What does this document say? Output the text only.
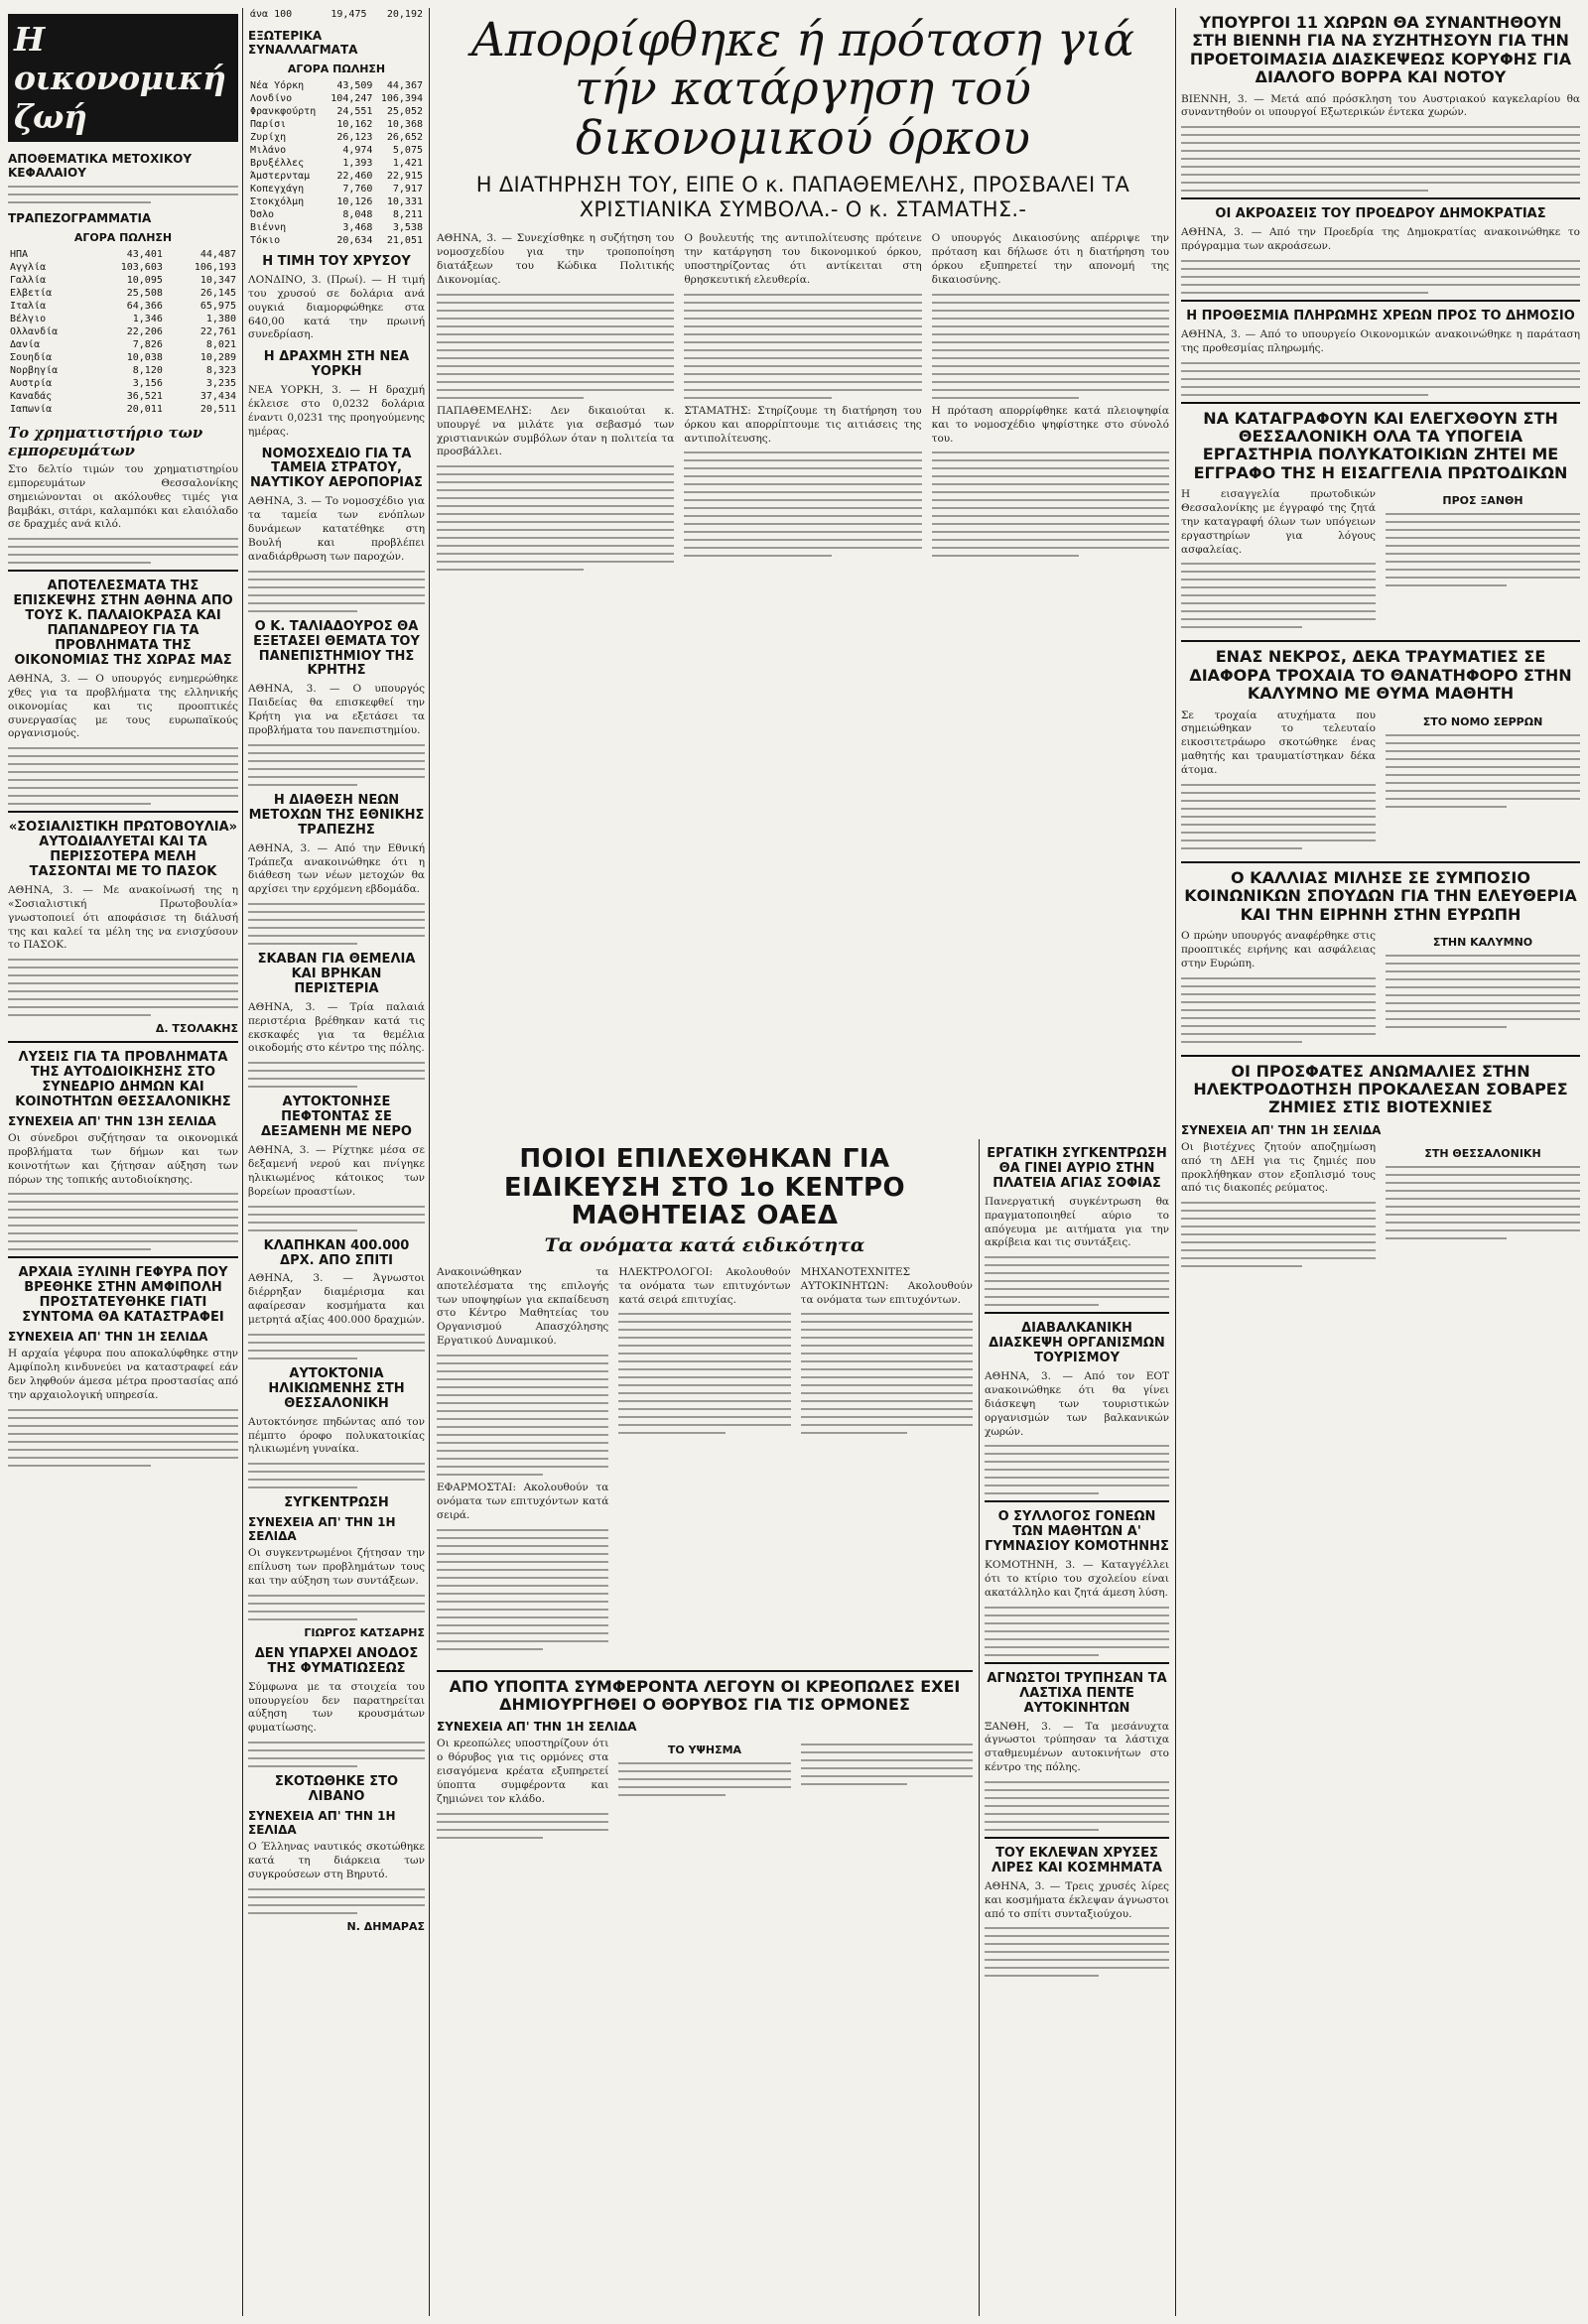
Η οικονομική ζωή
ΑΠΟΘΕΜΑΤΙΚΑ ΜΕΤΟΧΙΚΟΥ ΚΕΦΑΛΑΙΟΥ
ΤΡΑΠΕΖΟΓΡΑΜΜΑΤΙΑ
ΑΓΟΡΑ ΠΩΛΗΣΗ
ΗΠΑ	43,401	44,487
Αγγλία	103,603	106,193
Γαλλία	10,095	10,347
Ελβετία	25,508	26,145
Ιταλία	64,366	65,975
Βέλγιο	1,346	1,380
Ολλανδία	22,206	22,761
Δανία	7,826	8,021
Σουηδία	10,038	10,289
Νορβηγία	8,120	8,323
Αυστρία	3,156	3,235
Καναδάς	36,521	37,434
Ιαπωνία	20,011	20,511
Το χρηματιστήριο των εμπορευμάτων

Στο δελτίο τιμών του χρηματιστηρίου εμπορευμάτων Θεσσαλονίκης σημειώνονται οι ακόλουθες τιμές για βαμβάκι, σιτάρι, καλαμπόκι και ελαιόλαδο σε δραχμές ανά κιλό.

ΑΠΟΤΕΛΕΣΜΑΤΑ ΤΗΣ ΕΠΙΣΚΕΨΗΣ ΣΤΗΝ ΑΘΗΝΑ ΑΠΟ ΤΟΥΣ Κ. ΠΑΛΑΙΟΚΡΑΣΑ ΚΑΙ ΠΑΠΑΝΔΡΕΟΥ ΓΙΑ ΤΑ ΠΡΟΒΛΗΜΑΤΑ ΤΗΣ ΟΙΚΟΝΟΜΙΑΣ ΤΗΣ ΧΩΡΑΣ ΜΑΣ

ΑΘΗΝΑ, 3. — Ο υπουργός ενημερώθηκε χθες για τα προβλήματα της ελληνικής οικονομίας και τις προοπτικές συνεργασίας με τους ευρωπαϊκούς οργανισμούς.

«ΣΟΣΙΑΛΙΣΤΙΚΗ ΠΡΩΤΟΒΟΥΛΙΑ» ΑΥΤΟΔΙΑΛΥΕΤΑΙ ΚΑΙ ΤΑ ΠΕΡΙΣΣΟΤΕΡΑ ΜΕΛΗ ΤΑΣΣΟΝΤΑΙ ΜΕ ΤΟ ΠΑΣΟΚ

ΑΘΗΝΑ, 3. — Με ανακοίνωσή της η «Σοσιαλιστική Πρωτοβουλία» γνωστοποιεί ότι αποφάσισε τη διάλυσή της και καλεί τα μέλη της να ενισχύσουν το ΠΑΣΟΚ.

Δ. ΤΣΟΛΑΚΗΣ
ΛΥΣΕΙΣ ΓΙΑ ΤΑ ΠΡΟΒΛΗΜΑΤΑ ΤΗΣ ΑΥΤΟΔΙΟΙΚΗΣΗΣ ΣΤΟ ΣΥΝΕΔΡΙΟ ΔΗΜΩΝ ΚΑΙ ΚΟΙΝΟΤΗΤΩΝ ΘΕΣΣΑΛΟΝΙΚΗΣ
ΣΥΝΕΧΕΙΑ ΑΠ' ΤΗΝ 13Η ΣΕΛΙΔΑ

Οι σύνεδροι συζήτησαν τα οικονομικά προβλήματα των δήμων και των κοινοτήτων και ζήτησαν αύξηση των πόρων της τοπικής αυτοδιοίκησης.

ΑΡΧΑΙΑ ΞΥΛΙΝΗ ΓΕΦΥΡΑ ΠΟΥ ΒΡΕΘΗΚΕ ΣΤΗΝ ΑΜΦΙΠΟΛΗ ΠΡΟΣΤΑΤΕΥΘΗΚΕ ΓΙΑΤΙ ΣΥΝΤΟΜΑ ΘΑ ΚΑΤΑΣΤΡΑΦΕΙ
ΣΥΝΕΧΕΙΑ ΑΠ' ΤΗΝ 1Η ΣΕΛΙΔΑ

Η αρχαία γέφυρα που αποκαλύφθηκε στην Αμφίπολη κινδυνεύει να καταστραφεί εάν δεν ληφθούν άμεσα μέτρα προστασίας από την αρχαιολογική υπηρεσία.

άνα 100	19,475	20,192
ΕΞΩΤΕΡΙΚΑ ΣΥΝΑΛΛΑΓΜΑΤΑ
ΑΓΟΡΑ ΠΩΛΗΣΗ
Νέα Υόρκη	43,509	44,367
Λονδίνο	104,247	106,394
Φρανκφούρτη	24,551	25,052
Παρίσι	10,162	10,368
Ζυρίχη	26,123	26,652
Μιλάνο	4,974	5,075
Βρυξέλλες	1,393	1,421
Άμστερνταμ	22,460	22,915
Κοπεγχάγη	7,760	7,917
Στοκχόλμη	10,126	10,331
Όσλο	8,048	8,211
Βιέννη	3,468	3,538
Τόκιο	20,634	21,051
Η ΤΙΜΗ ΤΟΥ ΧΡΥΣΟΥ

ΛΟΝΔΙΝΟ, 3. (Πρωί). — Η τιμή του χρυσού σε δολάρια ανά ουγκιά διαμορφώθηκε στα 640,00 κατά την πρωινή συνεδρίαση.

Η ΔΡΑΧΜΗ ΣΤΗ ΝΕΑ ΥΟΡΚΗ

ΝΕΑ ΥΟΡΚΗ, 3. — Η δραχμή έκλεισε στο 0,0232 δολάρια έναντι 0,0231 της προηγούμενης ημέρας.

ΝΟΜΟΣΧΕΔΙΟ ΓΙΑ ΤΑ ΤΑΜΕΙΑ ΣΤΡΑΤΟΥ, ΝΑΥΤΙΚΟΥ ΑΕΡΟΠΟΡΙΑΣ

ΑΘΗΝΑ, 3. — Το νομοσχέδιο για τα ταμεία των ενόπλων δυνάμεων κατατέθηκε στη Βουλή και προβλέπει αναδιάρθρωση των παροχών.

Ο Κ. ΤΑΛΙΑΔΟΥΡΟΣ ΘΑ ΕΞΕΤΑΣΕΙ ΘΕΜΑΤΑ ΤΟΥ ΠΑΝΕΠΙΣΤΗΜΙΟΥ ΤΗΣ ΚΡΗΤΗΣ

ΑΘΗΝΑ, 3. — Ο υπουργός Παιδείας θα επισκεφθεί την Κρήτη για να εξετάσει τα προβλήματα του πανεπιστημίου.

Η ΔΙΑΘΕΣΗ ΝΕΩΝ ΜΕΤΟΧΩΝ ΤΗΣ ΕΘΝΙΚΗΣ ΤΡΑΠΕΖΗΣ

ΑΘΗΝΑ, 3. — Από την Εθνική Τράπεζα ανακοινώθηκε ότι η διάθεση των νέων μετοχών θα αρχίσει την ερχόμενη εβδομάδα.

ΣΚΑΒΑΝ ΓΙΑ ΘΕΜΕΛΙΑ ΚΑΙ ΒΡΗΚΑΝ ΠΕΡΙΣΤΕΡΙΑ

ΑΘΗΝΑ, 3. — Τρία παλαιά περιστέρια βρέθηκαν κατά τις εκσκαφές για τα θεμέλια οικοδομής στο κέντρο της πόλης.

ΑΥΤΟΚΤΟΝΗΣΕ ΠΕΦΤΟΝΤΑΣ ΣΕ ΔΕΞΑΜΕΝΗ ΜΕ ΝΕΡΟ

ΑΘΗΝΑ, 3. — Ρίχτηκε μέσα σε δεξαμενή νερού και πνίγηκε ηλικιωμένος κάτοικος των βορείων προαστίων.

ΚΛΑΠΗΚΑΝ 400.000 ΔΡΧ. ΑΠΟ ΣΠΙΤΙ

ΑΘΗΝΑ, 3. — Άγνωστοι διέρρηξαν διαμέρισμα και αφαίρεσαν κοσμήματα και μετρητά αξίας 400.000 δραχμών.

ΑΥΤΟΚΤΟΝΙΑ ΗΛΙΚΙΩΜΕΝΗΣ ΣΤΗ ΘΕΣΣΑΛΟΝΙΚΗ

Αυτοκτόνησε πηδώντας από τον πέμπτο όροφο πολυκατοικίας ηλικιωμένη γυναίκα.

ΣΥΓΚΕΝΤΡΩΣΗ
ΣΥΝΕΧΕΙΑ ΑΠ' ΤΗΝ 1Η ΣΕΛΙΔΑ

Οι συγκεντρωμένοι ζήτησαν την επίλυση των προβλημάτων τους και την αύξηση των συντάξεων.

ΓΙΩΡΓΟΣ ΚΑΤΣΑΡΗΣ
ΔΕΝ ΥΠΑΡΧΕΙ ΑΝΟΔΟΣ ΤΗΣ ΦΥΜΑΤΙΩΣΕΩΣ

Σύμφωνα με τα στοιχεία του υπουργείου δεν παρατηρείται αύξηση των κρουσμάτων φυματίωσης.

ΣΚΟΤΩΘΗΚΕ ΣΤΟ ΛΙΒΑΝΟ
ΣΥΝΕΧΕΙΑ ΑΠ' ΤΗΝ 1Η ΣΕΛΙΔΑ

Ο Έλληνας ναυτικός σκοτώθηκε κατά τη διάρκεια των συγκρούσεων στη Βηρυτό.

Ν. ΔΗΜΑΡΑΣ
Απορρίφθηκε ή πρόταση γιά τήν κατάργηση τού δικονομικού όρκου
Η ΔΙΑΤΗΡΗΣΗ ΤΟΥ, ΕΙΠΕ Ο κ. ΠΑΠΑΘΕΜΕΛΗΣ, ΠΡΟΣΒΑΛΕΙ ΤΑ ΧΡΙΣΤΙΑΝΙΚΑ ΣΥΜΒΟΛΑ.- Ο κ. ΣΤΑΜΑΤΗΣ.-

ΑΘΗΝΑ, 3. — Συνεχίσθηκε η συζήτηση του νομοσχεδίου για την τροποποίηση διατάξεων του Κώδικα Πολιτικής Δικονομίας.

ΠΑΠΑΘΕΜΕΛΗΣ: Δεν δικαιούται κ. υπουργέ να μιλάτε για σεβασμό των χριστιανικών συμβόλων όταν η πολιτεία τα προσβάλλει.

Ο βουλευτής της αντιπολίτευσης πρότεινε την κατάργηση του δικονομικού όρκου, υποστηρίζοντας ότι αντίκειται στη θρησκευτική ελευθερία.

ΣΤΑΜΑΤΗΣ: Στηρίζουμε τη διατήρηση του όρκου και απορρίπτουμε τις αιτιάσεις της αντιπολίτευσης.

Ο υπουργός Δικαιοσύνης απέρριψε την πρόταση και δήλωσε ότι η διατήρηση του όρκου εξυπηρετεί την απονομή της δικαιοσύνης.

Η πρόταση απορρίφθηκε κατά πλειοψηφία και το νομοσχέδιο ψηφίστηκε στο σύνολό του.

ΠΟΙΟΙ ΕΠΙΛΕΧΘΗΚΑΝ ΓΙΑ ΕΙΔΙΚΕΥΣΗ ΣΤΟ 1ο ΚΕΝΤΡΟ ΜΑΘΗΤΕΙΑΣ ΟΑΕΔ
Τα ονόματα κατά ειδικότητα

Ανακοινώθηκαν τα αποτελέσματα της επιλογής των υποψηφίων για εκπαίδευση στο Κέντρο Μαθητείας του Οργανισμού Απασχόλησης Εργατικού Δυναμικού.

ΕΦΑΡΜΟΣΤΑΙ: Ακολουθούν τα ονόματα των επιτυχόντων κατά σειρά.

ΗΛΕΚΤΡΟΛΟΓΟΙ: Ακολουθούν τα ονόματα των επιτυχόντων κατά σειρά επιτυχίας.

ΜΗΧΑΝΟΤΕΧΝΙΤΕΣ ΑΥΤΟΚΙΝΗΤΩΝ: Ακολουθούν τα ονόματα των επιτυχόντων.

ΑΠΟ ΥΠΟΠΤΑ ΣΥΜΦΕΡΟΝΤΑ ΛΕΓΟΥΝ ΟΙ ΚΡΕΟΠΩΛΕΣ ΕΧΕΙ ΔΗΜΙΟΥΡΓΗΘΕΙ Ο ΘΟΡΥΒΟΣ ΓΙΑ ΤΙΣ ΟΡΜΟΝΕΣ
ΣΥΝΕΧΕΙΑ ΑΠ' ΤΗΝ 1Η ΣΕΛΙΔΑ

Οι κρεοπώλες υποστηρίζουν ότι ο θόρυβος για τις ορμόνες στα εισαγόμενα κρέατα εξυπηρετεί ύποπτα συμφέροντα και ζημιώνει τον κλάδο.

ΤΟ ΥΨΗΣΜΑ
ΕΡΓΑΤΙΚΗ ΣΥΓΚΕΝΤΡΩΣΗ ΘΑ ΓΙΝΕΙ ΑΥΡΙΟ ΣΤΗΝ ΠΛΑΤΕΙΑ ΑΓΙΑΣ ΣΟΦΙΑΣ

Πανεργατική συγκέντρωση θα πραγματοποιηθεί αύριο το απόγευμα με αιτήματα για την ακρίβεια και τις συντάξεις.

ΔΙΑΒΑΛΚΑΝΙΚΗ ΔΙΑΣΚΕΨΗ ΟΡΓΑΝΙΣΜΩΝ ΤΟΥΡΙΣΜΟΥ

ΑΘΗΝΑ, 3. — Από τον ΕΟΤ ανακοινώθηκε ότι θα γίνει διάσκεψη των τουριστικών οργανισμών των βαλκανικών χωρών.

Ο ΣΥΛΛΟΓΟΣ ΓΟΝΕΩΝ ΤΩΝ ΜΑΘΗΤΩΝ Α' ΓΥΜΝΑΣΙΟΥ ΚΟΜΟΤΗΝΗΣ

ΚΟΜΟΤΗΝΗ, 3. — Καταγγέλλει ότι το κτίριο του σχολείου είναι ακατάλληλο και ζητά άμεση λύση.

ΑΓΝΩΣΤΟΙ ΤΡΥΠΗΣΑΝ ΤΑ ΛΑΣΤΙΧΑ ΠΕΝΤΕ ΑΥΤΟΚΙΝΗΤΩΝ

ΞΑΝΘΗ, 3. — Τα μεσάνυχτα άγνωστοι τρύπησαν τα λάστιχα σταθμευμένων αυτοκινήτων στο κέντρο της πόλης.

ΤΟΥ ΕΚΛΕΨΑΝ ΧΡΥΣΕΣ ΛΙΡΕΣ ΚΑΙ ΚΟΣΜΗΜΑΤΑ

ΑΘΗΝΑ, 3. — Τρεις χρυσές λίρες και κοσμήματα έκλεψαν άγνωστοι από το σπίτι συνταξιούχου.

ΥΠΟΥΡΓΟΙ 11 ΧΩΡΩΝ ΘΑ ΣΥΝΑΝΤΗΘΟΥΝ ΣΤΗ ΒΙΕΝΝΗ ΓΙΑ ΝΑ ΣΥΖΗΤΗΣΟΥΝ ΓΙΑ ΤΗΝ ΠΡΟΕΤΟΙΜΑΣΙΑ ΔΙΑΣΚΕΨΕΩΣ ΚΟΡΥΦΗΣ ΓΙΑ ΔΙΑΛΟΓΟ ΒΟΡΡΑ ΚΑΙ ΝΟΤΟΥ

ΒΙΕΝΝΗ, 3. — Μετά από πρόσκληση του Αυστριακού καγκελαρίου θα συναντηθούν οι υπουργοί Εξωτερικών έντεκα χωρών.

ΟΙ ΑΚΡΟΑΣΕΙΣ ΤΟΥ ΠΡΟΕΔΡΟΥ ΔΗΜΟΚΡΑΤΙΑΣ

ΑΘΗΝΑ, 3. — Από την Προεδρία της Δημοκρατίας ανακοινώθηκε το πρόγραμμα των ακροάσεων.

Η ΠΡΟΘΕΣΜΙΑ ΠΛΗΡΩΜΗΣ ΧΡΕΩΝ ΠΡΟΣ ΤΟ ΔΗΜΟΣΙΟ

ΑΘΗΝΑ, 3. — Από το υπουργείο Οικονομικών ανακοινώθηκε η παράταση της προθεσμίας πληρωμής.

ΝΑ ΚΑΤΑΓΡΑΦΟΥΝ ΚΑΙ ΕΛΕΓΧΘΟΥΝ ΣΤΗ ΘΕΣΣΑΛΟΝΙΚΗ ΟΛΑ ΤΑ ΥΠΟΓΕΙΑ ΕΡΓΑΣΤΗΡΙΑ ΠΟΛΥΚΑΤΟΙΚΙΩΝ ΖΗΤΕΙ ΜΕ ΕΓΓΡΑΦΟ ΤΗΣ Η ΕΙΣΑΓΓΕΛΙΑ ΠΡΩΤΟΔΙΚΩΝ

Η εισαγγελία πρωτοδικών Θεσσαλονίκης με έγγραφό της ζητά την καταγραφή όλων των υπόγειων εργαστηρίων για λόγους ασφαλείας.

ΠΡΟΣ ΞΑΝΘΗ
ΕΝΑΣ ΝΕΚΡΟΣ, ΔΕΚΑ ΤΡΑΥΜΑΤΙΕΣ ΣΕ ΔΙΑΦΟΡΑ ΤΡΟΧΑΙΑ ΤΟ ΘΑΝΑΤΗΦΟΡΟ ΣΤΗΝ ΚΑΛΥΜΝΟ ΜΕ ΘΥΜΑ ΜΑΘΗΤΗ

Σε τροχαία ατυχήματα που σημειώθηκαν το τελευταίο εικοσιτετράωρο σκοτώθηκε ένας μαθητής και τραυματίστηκαν δέκα άτομα.

ΣΤΟ ΝΟΜΟ ΣΕΡΡΩΝ
Ο ΚΑΛΛΙΑΣ ΜΙΛΗΣΕ ΣΕ ΣΥΜΠΟΣΙΟ ΚΟΙΝΩΝΙΚΩΝ ΣΠΟΥΔΩΝ ΓΙΑ ΤΗΝ ΕΛΕΥΘΕΡΙΑ ΚΑΙ ΤΗΝ ΕΙΡΗΝΗ ΣΤΗΝ ΕΥΡΩΠΗ

Ο πρώην υπουργός αναφέρθηκε στις προοπτικές ειρήνης και ασφάλειας στην Ευρώπη.

ΣΤΗΝ ΚΑΛΥΜΝΟ
ΟΙ ΠΡΟΣΦΑΤΕΣ ΑΝΩΜΑΛΙΕΣ ΣΤΗΝ ΗΛΕΚΤΡΟΔΟΤΗΣΗ ΠΡΟΚΑΛΕΣΑΝ ΣΟΒΑΡΕΣ ΖΗΜΙΕΣ ΣΤΙΣ ΒΙΟΤΕΧΝΙΕΣ
ΣΥΝΕΧΕΙΑ ΑΠ' ΤΗΝ 1Η ΣΕΛΙΔΑ

Οι βιοτέχνες ζητούν αποζημίωση από τη ΔΕΗ για τις ζημιές που προκλήθηκαν στον εξοπλισμό τους από τις διακοπές ρεύματος.

ΣΤΗ ΘΕΣΣΑΛΟΝΙΚΗ
